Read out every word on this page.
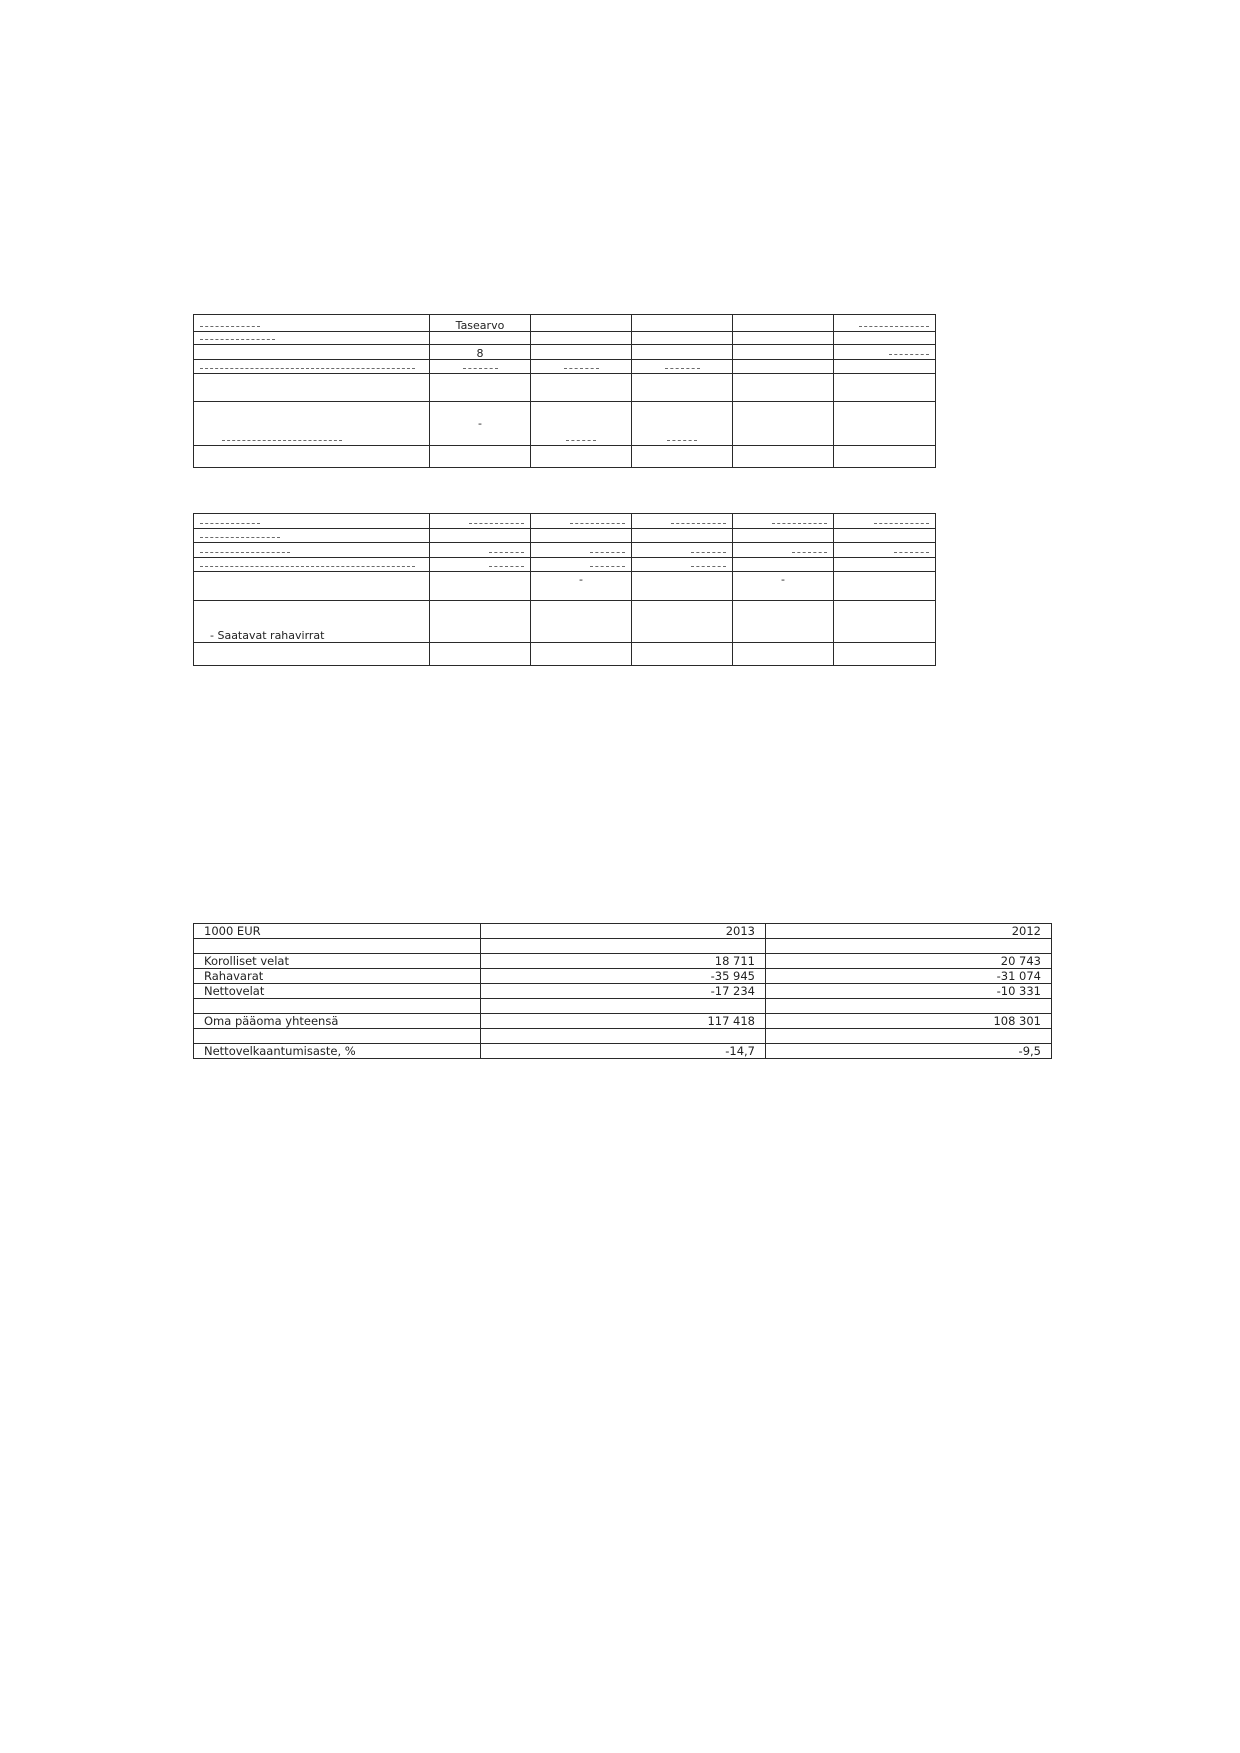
	Tasearvo				

	8				

	-				

		-		-	
- Saatavat rahavirrat					

1000 EUR	2013	2012

Korolliset velat	18 711	20 743
Rahavarat	-35 945	-31 074
Nettovelat	-17 234	-10 331

Oma pääoma yhteensä	117 418	108 301

Nettovelkaantumisaste, %	-14,7	-9,5
